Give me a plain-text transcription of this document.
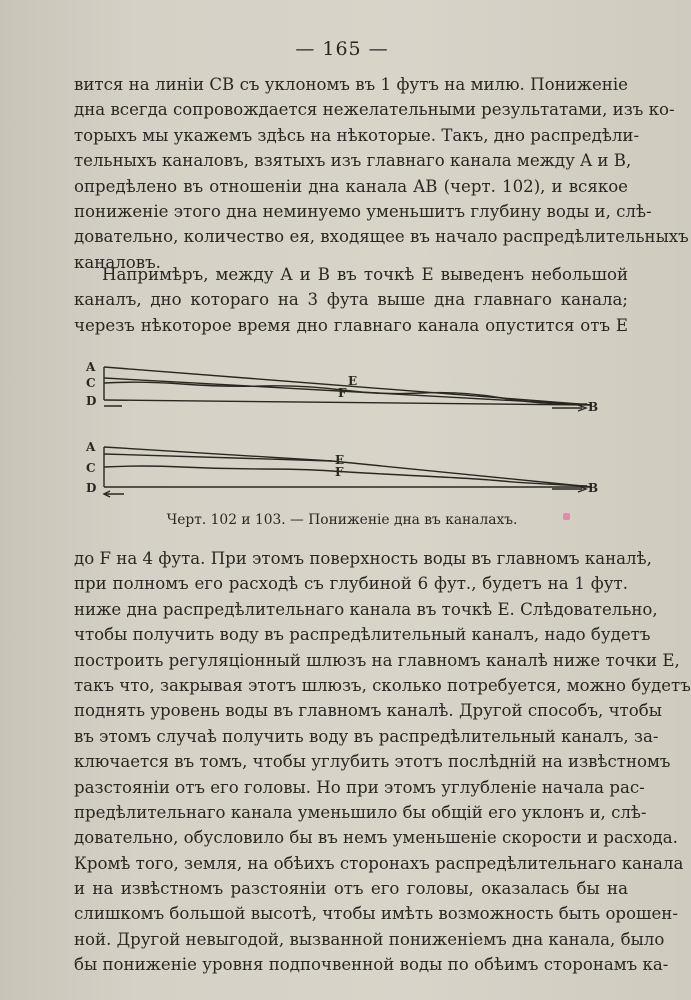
— 165 —
вится на линіи CB съ уклономъ въ 1 футъ на милю. Пониженіе
дна всегда сопровождается нежелательными результатами, изъ ко-
торыхъ мы укажемъ здѣсь на нѣкоторые. Такъ, дно распредѣли-
тельныхъ каналовъ, взятыхъ изъ главнаго канала между A и B,
опредѣлено въ отношеніи дна канала AB (черт. 102), и всякое
пониженіе этого дна неминуемо уменьшитъ глубину воды и, слѣ-
довательно, количество ея, входящее въ начало распредѣлительныхъ
каналовъ.
Напримѣръ, между A и B въ точкѣ E выведенъ небольшой
каналъ, дно котораго на 3 фута выше дна главнаго канала;
черезъ нѣкоторое время дно главнаго канала опустится отъ E
A
C
D
E
F
B
A
C
D
E
F
B
Черт. 102 и 103. — Пониженіе дна въ каналахъ.
до F на 4 фута. При этомъ поверхность воды въ главномъ каналѣ,
при полномъ его расходѣ съ глубиной 6 фут., будетъ на 1 фут.
ниже дна распредѣлительнаго канала въ точкѣ E. Слѣдовательно,
чтобы получить воду въ распредѣлительный каналъ, надо будетъ
построить регуляціонный шлюзъ на главномъ каналѣ ниже точки E,
такъ что, закрывая этотъ шлюзъ, сколько потребуется, можно будетъ
поднять уровень воды въ главномъ каналѣ. Другой способъ, чтобы
въ этомъ случаѣ получить воду въ распредѣлительный каналъ, за-
ключается въ томъ, чтобы углубить этотъ послѣдній на извѣстномъ
разстояніи отъ его головы. Но при этомъ углубленіе начала рас-
предѣлительнаго канала уменьшило бы общій его уклонъ и, слѣ-
довательно, обусловило бы въ немъ уменьшеніе скорости и расхода.
Кромѣ того, земля, на обѣихъ сторонахъ распредѣлительнаго канала
и на извѣстномъ разстояніи отъ его головы, оказалась бы на
слишкомъ большой высотѣ, чтобы имѣть возможность быть орошен-
ной. Другой невыгодой, вызванной пониженіемъ дна канала, было
бы пониженіе уровня подпочвенной воды по обѣимъ сторонамъ ка-
